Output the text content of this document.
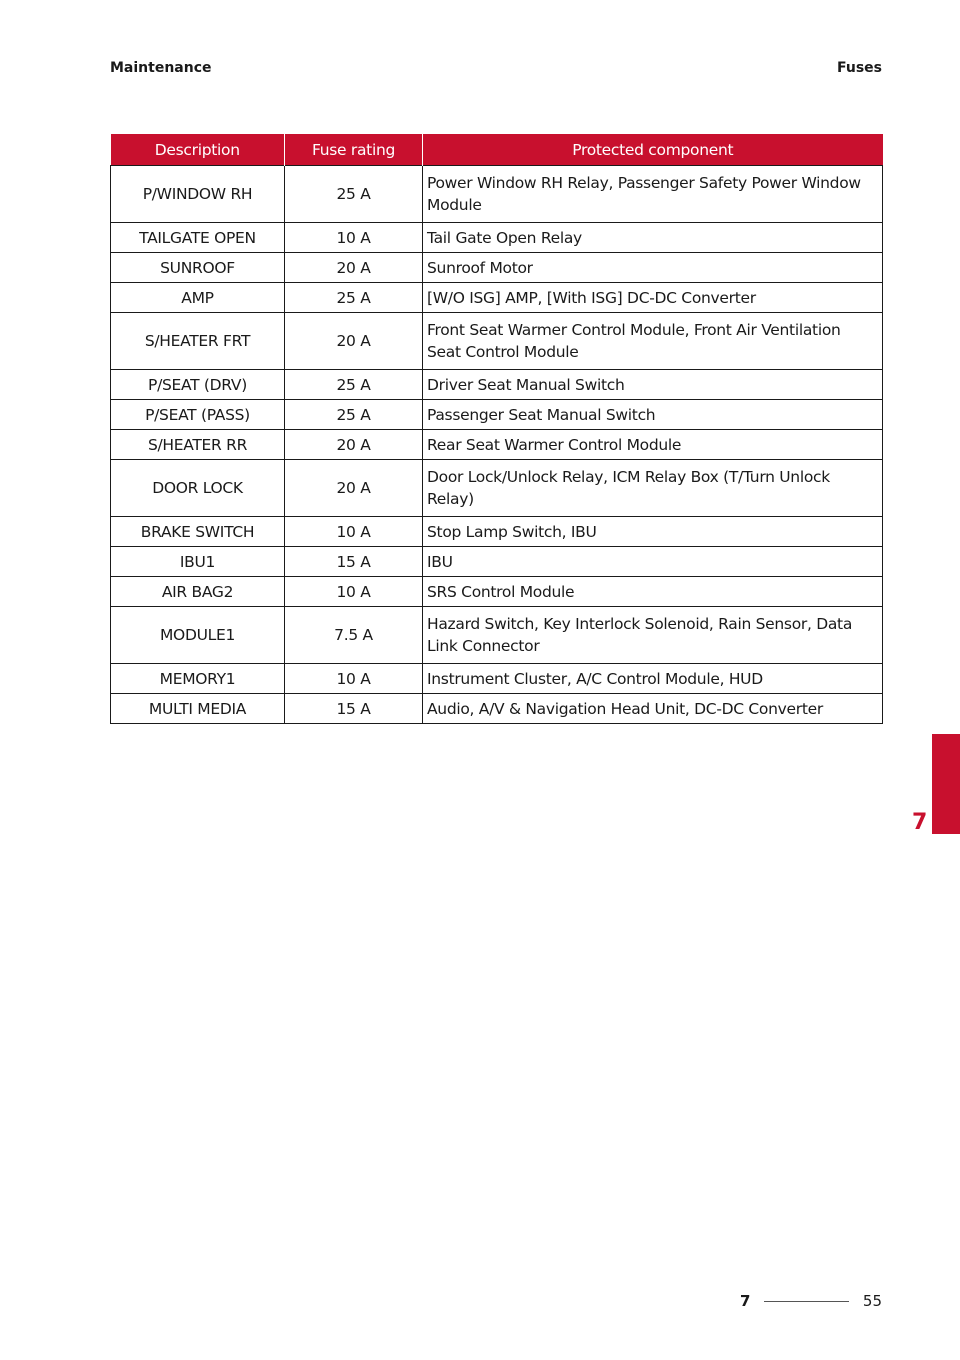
Maintenance	Fuses
Description	Fuse rating	Protected component
P/WINDOW RH	25 A	Power Window RH Relay, Passenger Safety Power Window Module
TAILGATE OPEN	10 A	Tail Gate Open Relay
SUNROOF	20 A	Sunroof Motor
AMP	25 A	[W/O ISG] AMP, [With ISG] DC-DC Converter
S/HEATER FRT	20 A	Front Seat Warmer Control Module, Front Air Ventilation Seat Control Module
P/SEAT (DRV)	25 A	Driver Seat Manual Switch
P/SEAT (PASS)	25 A	Passenger Seat Manual Switch
S/HEATER RR	20 A	Rear Seat Warmer Control Module
DOOR LOCK	20 A	Door Lock/Unlock Relay, ICM Relay Box (T/Turn Unlock Relay)
BRAKE SWITCH	10 A	Stop Lamp Switch, IBU
IBU1	15 A	IBU
AIR BAG2	10 A	SRS Control Module
MODULE1	7.5 A	Hazard Switch, Key Interlock Solenoid, Rain Sensor, Data Link Connector
MEMORY1	10 A	Instrument Cluster, A/C Control Module, HUD
MULTI MEDIA	15 A	Audio, A/V & Navigation Head Unit, DC-DC Converter
7
7	55
